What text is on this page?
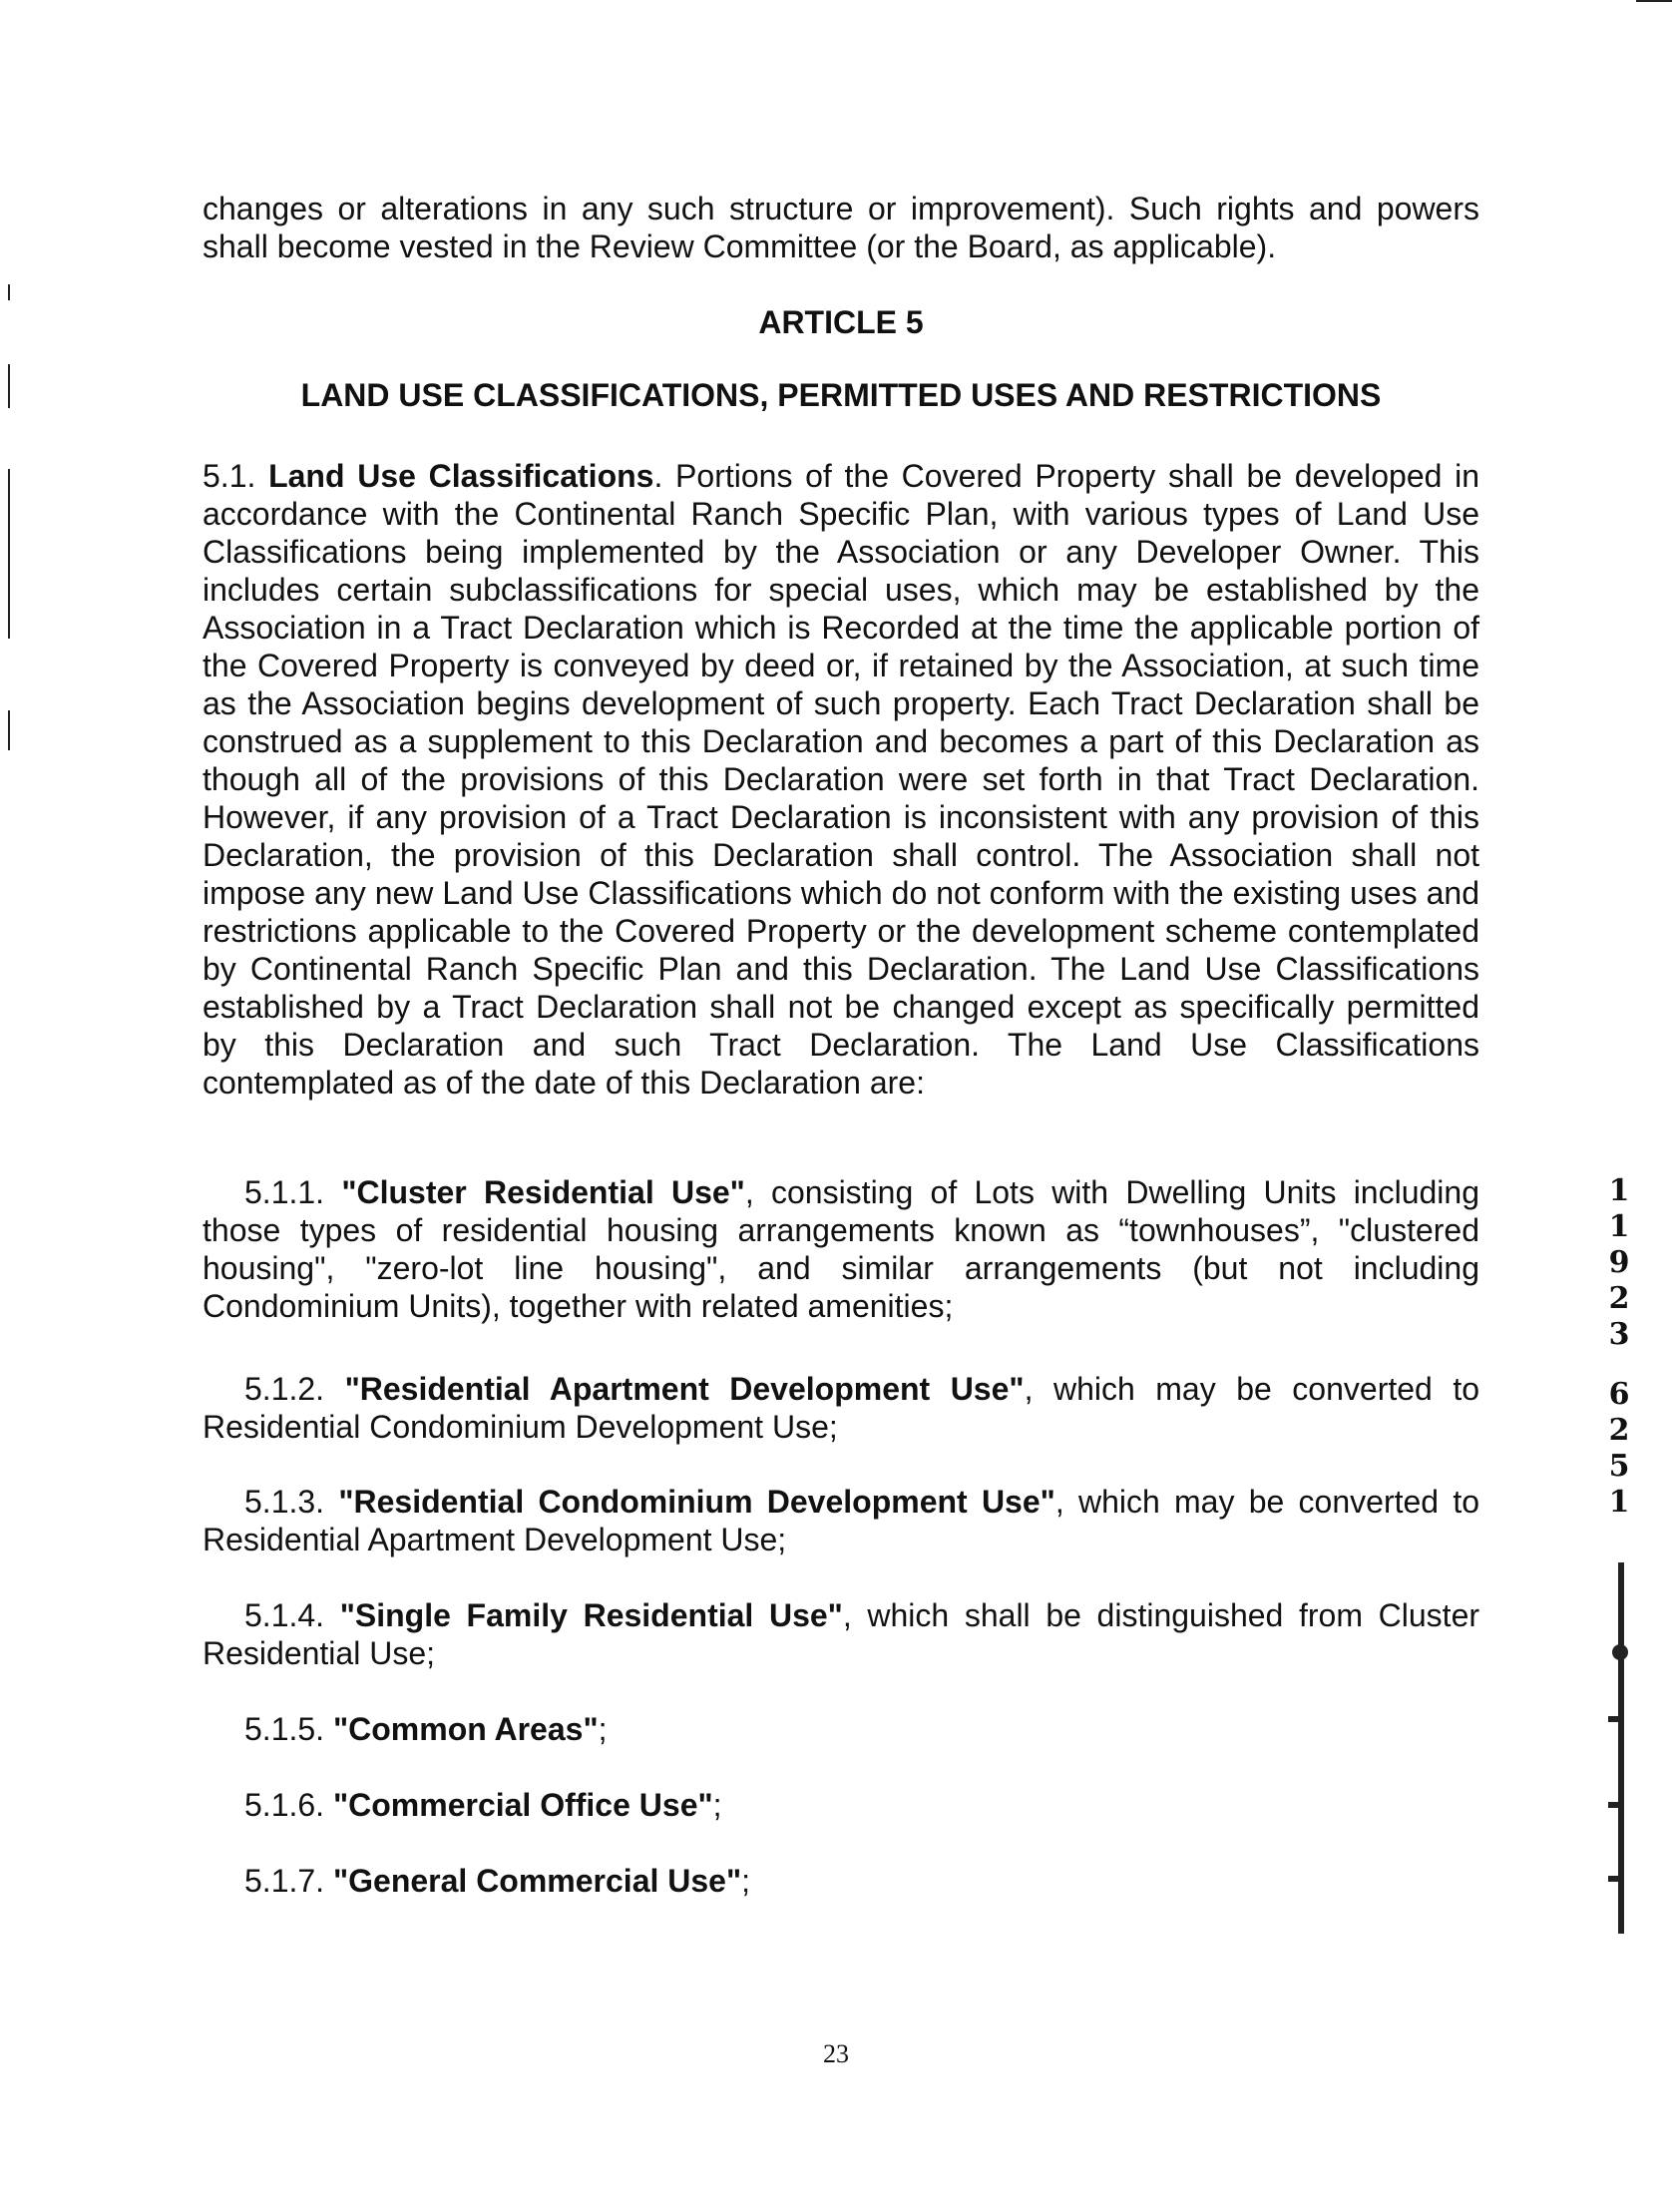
changes or alterations in any such structure or improvement). Such rights and powers shall become vested in the Review Committee (or the Board, as applicable).
ARTICLE 5
LAND USE CLASSIFICATIONS, PERMITTED USES AND RESTRICTIONS
5.1. Land Use Classifications. Portions of the Covered Property shall be developed in accordance with the Continental Ranch Specific Plan, with various types of Land Use Classifications being implemented by the Association or any Developer Owner. This includes certain subclassifications for special uses, which may be established by the Association in a Tract Declaration which is Recorded at the time the applicable portion of the Covered Property is conveyed by deed or, if retained by the Association, at such time as the Association begins development of such property. Each Tract Declaration shall be construed as a supplement to this Declaration and becomes a part of this Declaration as though all of the provisions of this Declaration were set forth in that Tract Declaration. However, if any provision of a Tract Declaration is inconsistent with any provision of this Declaration, the provision of this Declaration shall control. The Association shall not impose any new Land Use Classifications which do not conform with the existing uses and restrictions applicable to the Covered Property or the development scheme contemplated by Continental Ranch Specific Plan and this Declaration. The Land Use Classifications established by a Tract Declaration shall not be changed except as specifically permitted by this Declaration and such Tract Declaration. The Land Use Classifications contemplated as of the date of this Declaration are:
5.1.1. "Cluster Residential Use", consisting of Lots with Dwelling Units including those types of residential housing arrangements known as “townhouses”, "clustered housing", "zero-lot line housing", and similar arrangements (but not including Condominium Units), together with related amenities;
5.1.2. "Residential Apartment Development Use", which may be converted to Residential Condominium Development Use;
5.1.3. "Residential Condominium Development Use", which may be converted to Residential Apartment Development Use;
5.1.4. "Single Family Residential Use", which shall be distinguished from Cluster Residential Use;
5.1.5. "Common Areas";
5.1.6. "Commercial Office Use";
5.1.7. "General Commercial Use";
23
1
1
9
2
3
6
2
5
1
